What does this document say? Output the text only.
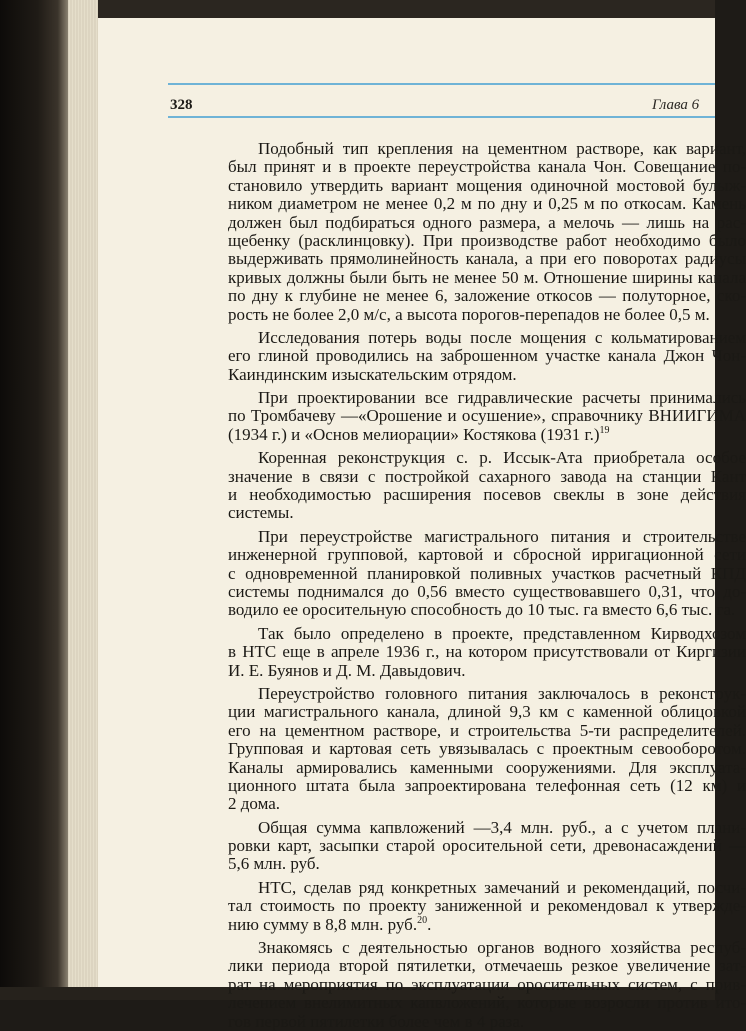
328	Глава 6
Подобный тип крепления на цементном растворе, как вариант,
был принят и в проекте переустройства канала Чон. Совещание по-
становило утвердить вариант мощения одиночной мостовой булыж-
ником диаметром не менее 0,2 м по дну и 0,25 м по откосам. Камень
должен был подбираться одного размера, а мелочь — лишь на рас-
щебенку (расклинцовку). При производстве работ необходимо было
выдерживать прямолинейность канала, а при его поворотах радиусы
кривых должны были быть не менее 50 м. Отношение ширины канала
по дну к глубине не менее 6, заложение откосов — полуторное, ско-
рость не более 2,0 м/с, а высота порогов-перепадов не более 0,5 м.
Исследования потерь воды после мощения с кольматированием
его глиной проводились на заброшенном участке канала Джон Чон-
Каиндинским изыскательским отрядом.
При проектировании все гидравлические расчеты принимались
по Тромбачеву —«Орошение и осушение», справочнику ВНИИГИМА
(1934 г.) и «Основ мелиорации» Костякова (1931 г.)$^{19}$
Коренная реконструкция с. р. Иссык-Ата приобретала особое
значение в связи с постройкой сахарного завода на станции Кант
и необходимостью расширения посевов свеклы в зоне действия
системы.
При переустройстве магистрального питания и строительстве
инженерной групповой, картовой и сбросной ирригационной сети
с одновременной планировкой поливных участков расчетный КПД
системы поднимался до 0,56 вместо существовавшего 0,31, что до-
водило ее оросительную способность до 10 тыс. га вместо 6,6 тыс. га.
Так было определено в проекте, представленном Кирводхозом
в НТС еще в апреле 1936 г., на котором присутствовали от Киргизии
И. Е. Буянов и Д. М. Давыдович.
Переустройство головного питания заключалось в реконструк-
ции магистрального канала, длиной 9,3 км с каменной облицовкой
его на цементном растворе, и строительства 5-ти распределителей.
Групповая и картовая сеть увязывалась с проектным севооборотом.
Каналы армировались каменными сооружениями. Для эксплуата-
ционного штата была запроектирована телефонная сеть (12 км) и
2 дома.
Общая сумма капвложений —3,4 млн. руб., а с учетом плани-
ровки карт, засыпки старой оросительной сети, древонасаждений —
5,6 млн. руб.
НТС, сделав ряд конкретных замечаний и рекомендаций, посчи-
тал стоимость по проекту заниженной и рекомендовал к утвержде-
нию сумму в 8,8 млн. руб.$^{20}$.
Знакомясь с деятельностью органов водного хозяйства респуб-
лики периода второй пятилетки, отмечаешь резкое увеличение зат-
рат на мероприятия по эксплуатации оросительных систем, с прив-
лечением внелимитных капвложений, которые возросли против ито-
гов первой пятилетки более чем в 4 раза.
